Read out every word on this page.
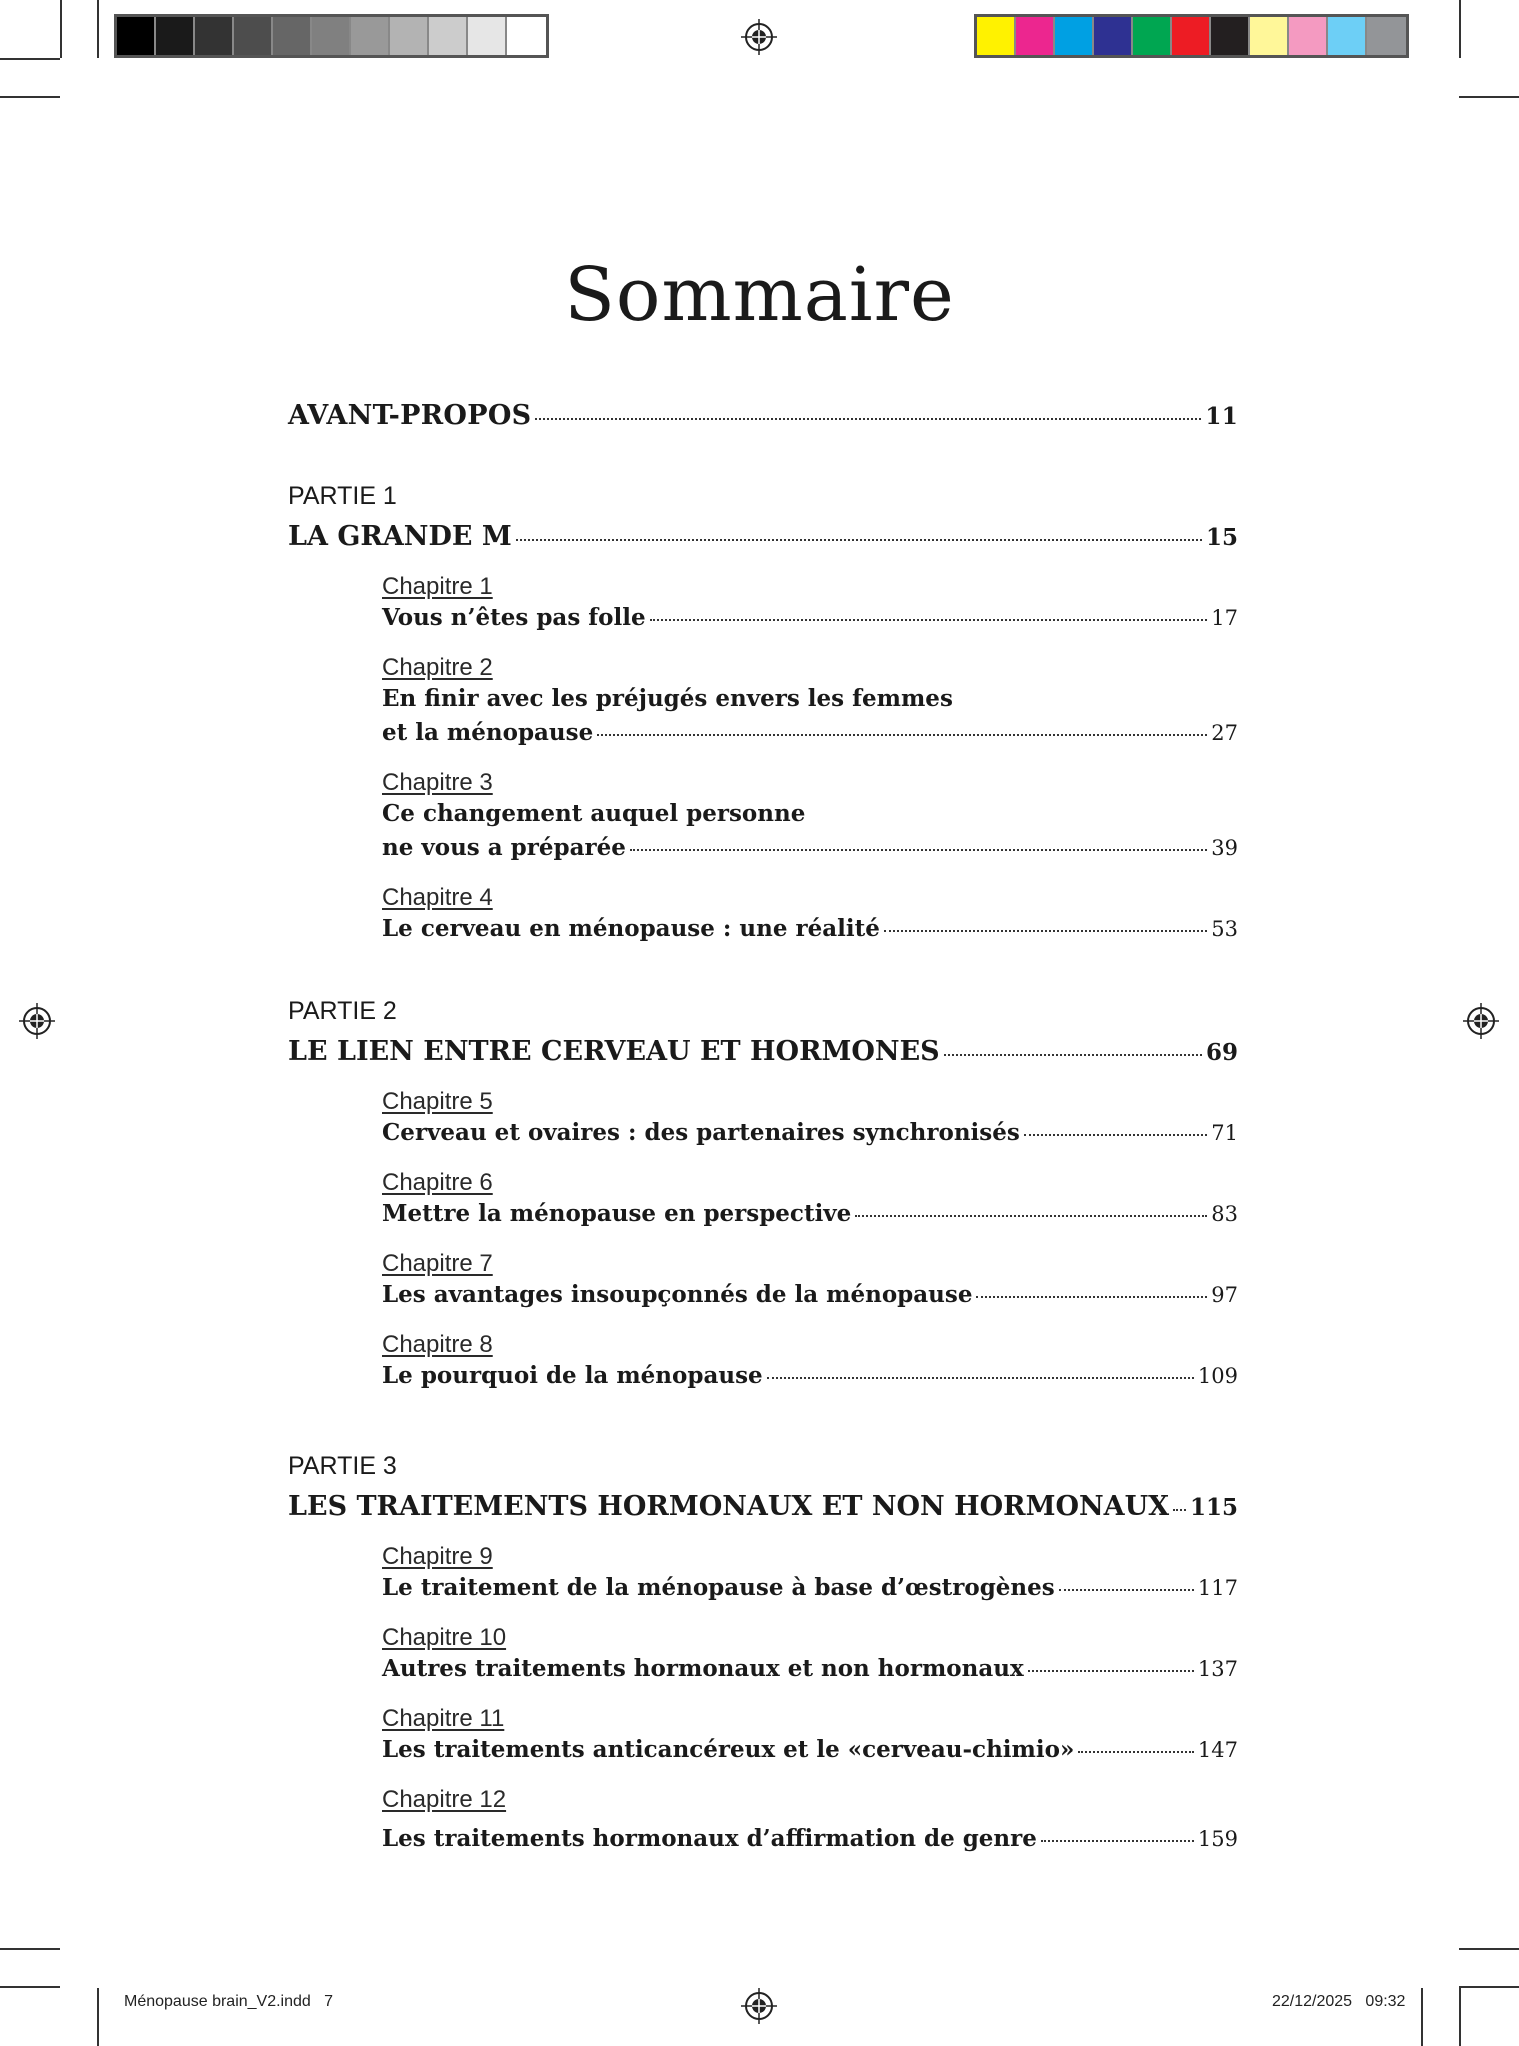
Sommaire
AVANT-PROPOS	11
PARTIE 1
LA GRANDE M	15
Chapitre 1
Vous n’êtes pas folle	17
Chapitre 2
En finir avec les préjugés envers les femmes
et la ménopause	27
Chapitre 3
Ce changement auquel personne
ne vous a préparée	39
Chapitre 4
Le cerveau en ménopause : une réalité	53
PARTIE 2
LE LIEN ENTRE CERVEAU ET HORMONES	69
Chapitre 5
Cerveau et ovaires : des partenaires synchronisés	71
Chapitre 6
Mettre la ménopause en perspective	83
Chapitre 7
Les avantages insoupçonnés de la ménopause	97
Chapitre 8
Le pourquoi de la ménopause	109
PARTIE 3
LES TRAITEMENTS HORMONAUX ET NON HORMONAUX 115
Chapitre 9
Le traitement de la ménopause à base d’œstrogènes	117
Chapitre 10
Autres traitements hormonaux et non hormonaux	137
Chapitre 11
Les traitements anticancéreux et le «cerveau-chimio»	147
Chapitre 12
Les traitements hormonaux d’affirmation de genre	159
Ménopause brain_V2.indd   7	22/12/2025   09:32
